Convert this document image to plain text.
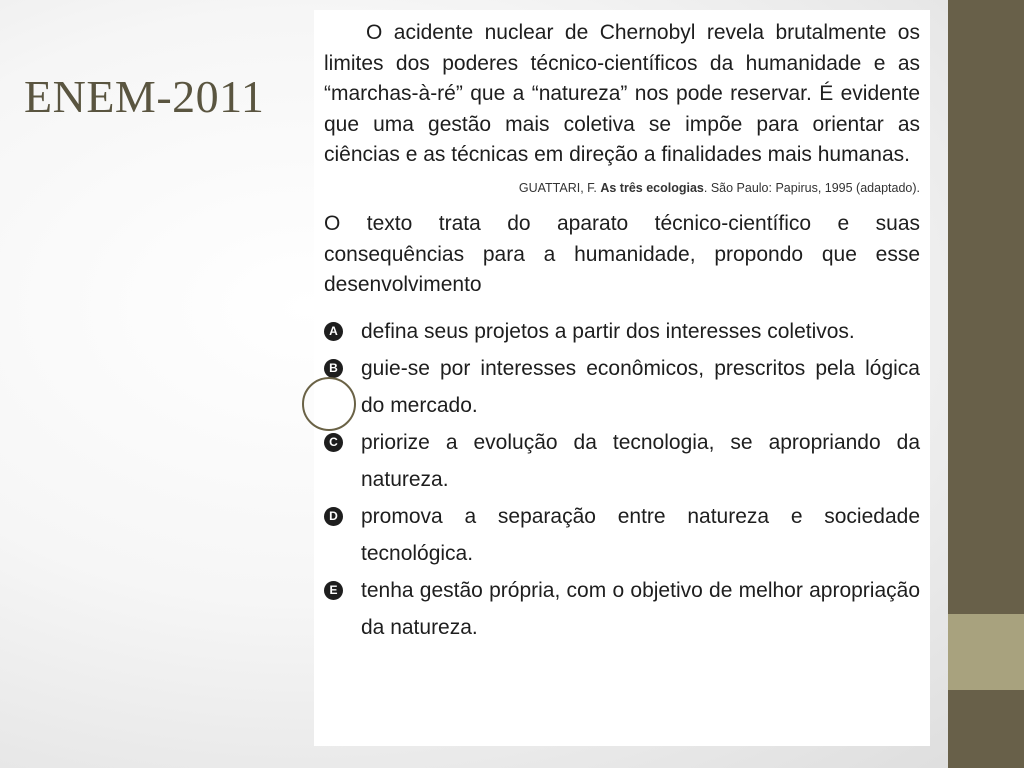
ENEM-2011

O acidente nuclear de Chernobyl revela brutalmente os limites dos poderes técnico-científicos da humanidade e as “marchas-à-ré” que a “natureza” nos pode reservar. É evidente que uma gestão mais coletiva se impõe para orientar as ciências e as técnicas em direção a finalidades mais humanas.

GUATTARI, F. As três ecologias. São Paulo: Papirus, 1995 (adaptado).

O texto trata do aparato técnico-científico e suas consequências para a humanidade, propondo que esse desenvolvimento

A defina seus projetos a partir dos interesses coletivos.
B guie-se por interesses econômicos, prescritos pela lógica do mercado.
C priorize a evolução da tecnologia, se apropriando da natureza.
D promova a separação entre natureza e sociedade tecnológica.
E tenha gestão própria, com o objetivo de melhor apropriação da natureza.
